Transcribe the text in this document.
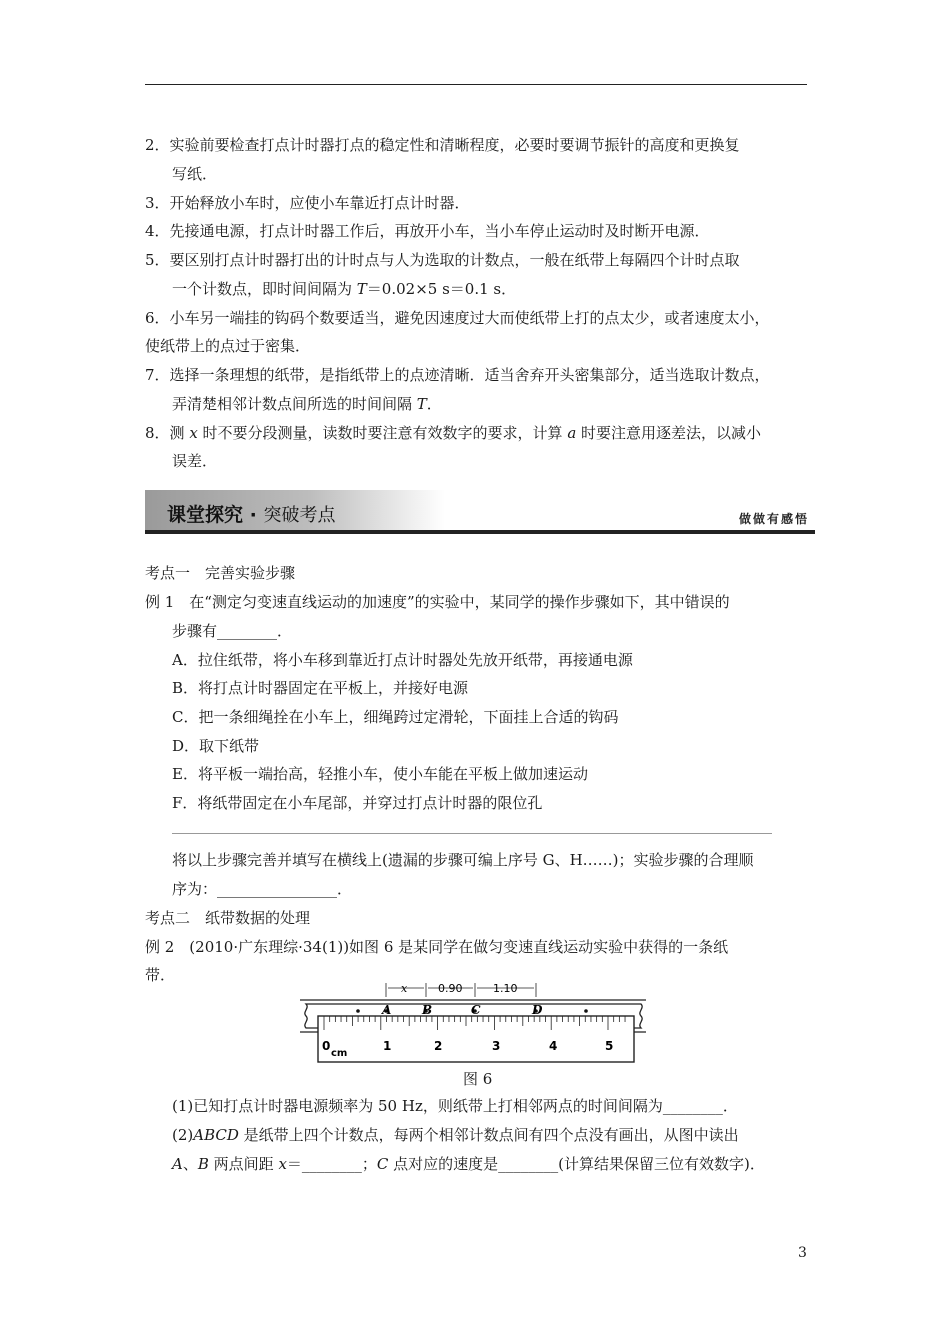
2．实验前要检查打点计时器打点的稳定性和清晰程度，必要时要调节振针的高度和更换复
写纸．
3．开始释放小车时，应使小车靠近打点计时器．
4．先接通电源，打点计时器工作后，再放开小车，当小车停止运动时及时断开电源．
5．要区别打点计时器打出的计时点与人为选取的计数点，一般在纸带上每隔四个计时点取
一个计数点，即时间间隔为 T＝0.02×5 s＝0.1 s．
6．小车另一端挂的钩码个数要适当，避免因速度过大而使纸带上打的点太少，或者速度太小，
使纸带上的点过于密集．
7．选择一条理想的纸带，是指纸带上的点迹清晰．适当舍弃开头密集部分，适当选取计数点，
弄清楚相邻计数点间所选的时间间隔 T．
8．测 x 时不要分段测量，读数时要注意有效数字的要求，计算 a 时要注意用逐差法，以减小
误差．
课堂探究 · 突破考点	做做有感悟
考点一　完善实验步骤
例 1　在“测定匀变速直线运动的加速度”的实验中，某同学的操作步骤如下，其中错误的
步骤有________．
A．拉住纸带，将小车移到靠近打点计时器处先放开纸带，再接通电源
B．将打点计时器固定在平板上，并接好电源
C．把一条细绳拴在小车上，细绳跨过定滑轮，下面挂上合适的钩码
D．取下纸带
E．将平板一端抬高，轻推小车，使小车能在平板上做加速运动
F．将纸带固定在小车尾部，并穿过打点计时器的限位孔
将以上步骤完善并填写在横线上(遗漏的步骤可编上序号 G、H……)；实验步骤的合理顺
序为：________________．
考点二　纸带数据的处理
例 2　(2010·广东理综·34(1))如图 6 是某同学在做匀变速直线运动实验中获得的一条纸
带．
x	0.90	1.10
A	B	C	D
0
cm
1	2	3	4	5
图 6
(1)已知打点计时器电源频率为 50 Hz，则纸带上打相邻两点的时间间隔为________．
(2)ABCD 是纸带上四个计数点，每两个相邻计数点间有四个点没有画出，从图中读出
A、B 两点间距 x＝________；C 点对应的速度是________(计算结果保留三位有效数字)．
3
